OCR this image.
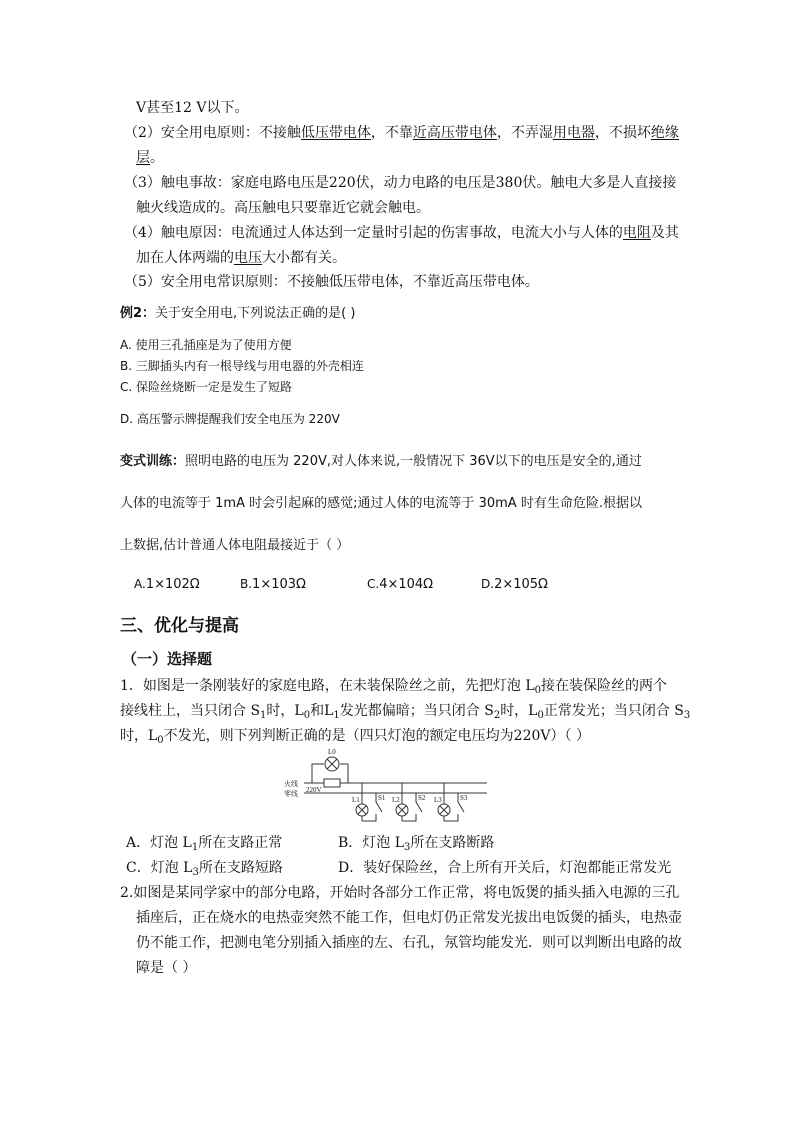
V甚至12 V以下。
（2）安全用电原则：不接触低压带电体，不靠近高压带电体，不弄湿用电器，不损坏绝缘
层。
（3）触电事故：家庭电路电压是220伏，动力电路的电压是380伏。触电大多是人直接接
触火线造成的。高压触电只要靠近它就会触电。
（4）触电原因：电流通过人体达到一定量时引起的伤害事故，电流大小与人体的电阻及其
加在人体两端的电压大小都有关。
（5）安全用电常识原则：不接触低压带电体，不靠近高压带电体。
例2：关于安全用电,下列说法正确的是( )
A. 使用三孔插座是为了使用方便
B. 三脚插头内有一根导线与用电器的外壳相连
C. 保险丝烧断一定是发生了短路
D. 高压警示牌提醒我们安全电压为 220V
变式训练：照明电路的电压为 220V,对人体来说,一般情况下 36V以下的电压是安全的,通过
人体的电流等于 1mA 时会引起麻的感觉;通过人体的电流等于 30mA 时有生命危险.根据以
上数据,估计普通人体电阻最接近于（ ）
A.1×102Ω	B.1×103Ω	C.4×104Ω	D.2×105Ω
三、优化与提高
（一）选择题
1．如图是一条刚装好的家庭电路，在未装保险丝之前，先把灯泡 $L_0$接在装保险丝的两个
接线柱上，当只闭合 $S_1$时，$L_0$和$L_1$发光都偏暗；当只闭合 $S_2$时，$L_0$正常发光；当只闭合 $S_3$
时，$L_0$不发光，则下列判断正确的是（四只灯泡的额定电压均为220V）（ ）
火线
零线 220V
L0
L1	S1 L2	S2 L3	S3
A．灯泡 $L_1$所在支路正常	B．灯泡 $L_3$所在支路断路
C．灯泡 $L_3$所在支路短路	D．装好保险丝，合上所有开关后，灯泡都能正常发光
2.如图是某同学家中的部分电路，开始时各部分工作正常，将电饭煲的插头插入电源的三孔
插座后，正在烧水的电热壶突然不能工作，但电灯仍正常发光拔出电饭煲的插头，电热壶
仍不能工作，把测电笔分别插入插座的左、右孔，氖管均能发光．则可以判断出电路的故
障是（ ）
